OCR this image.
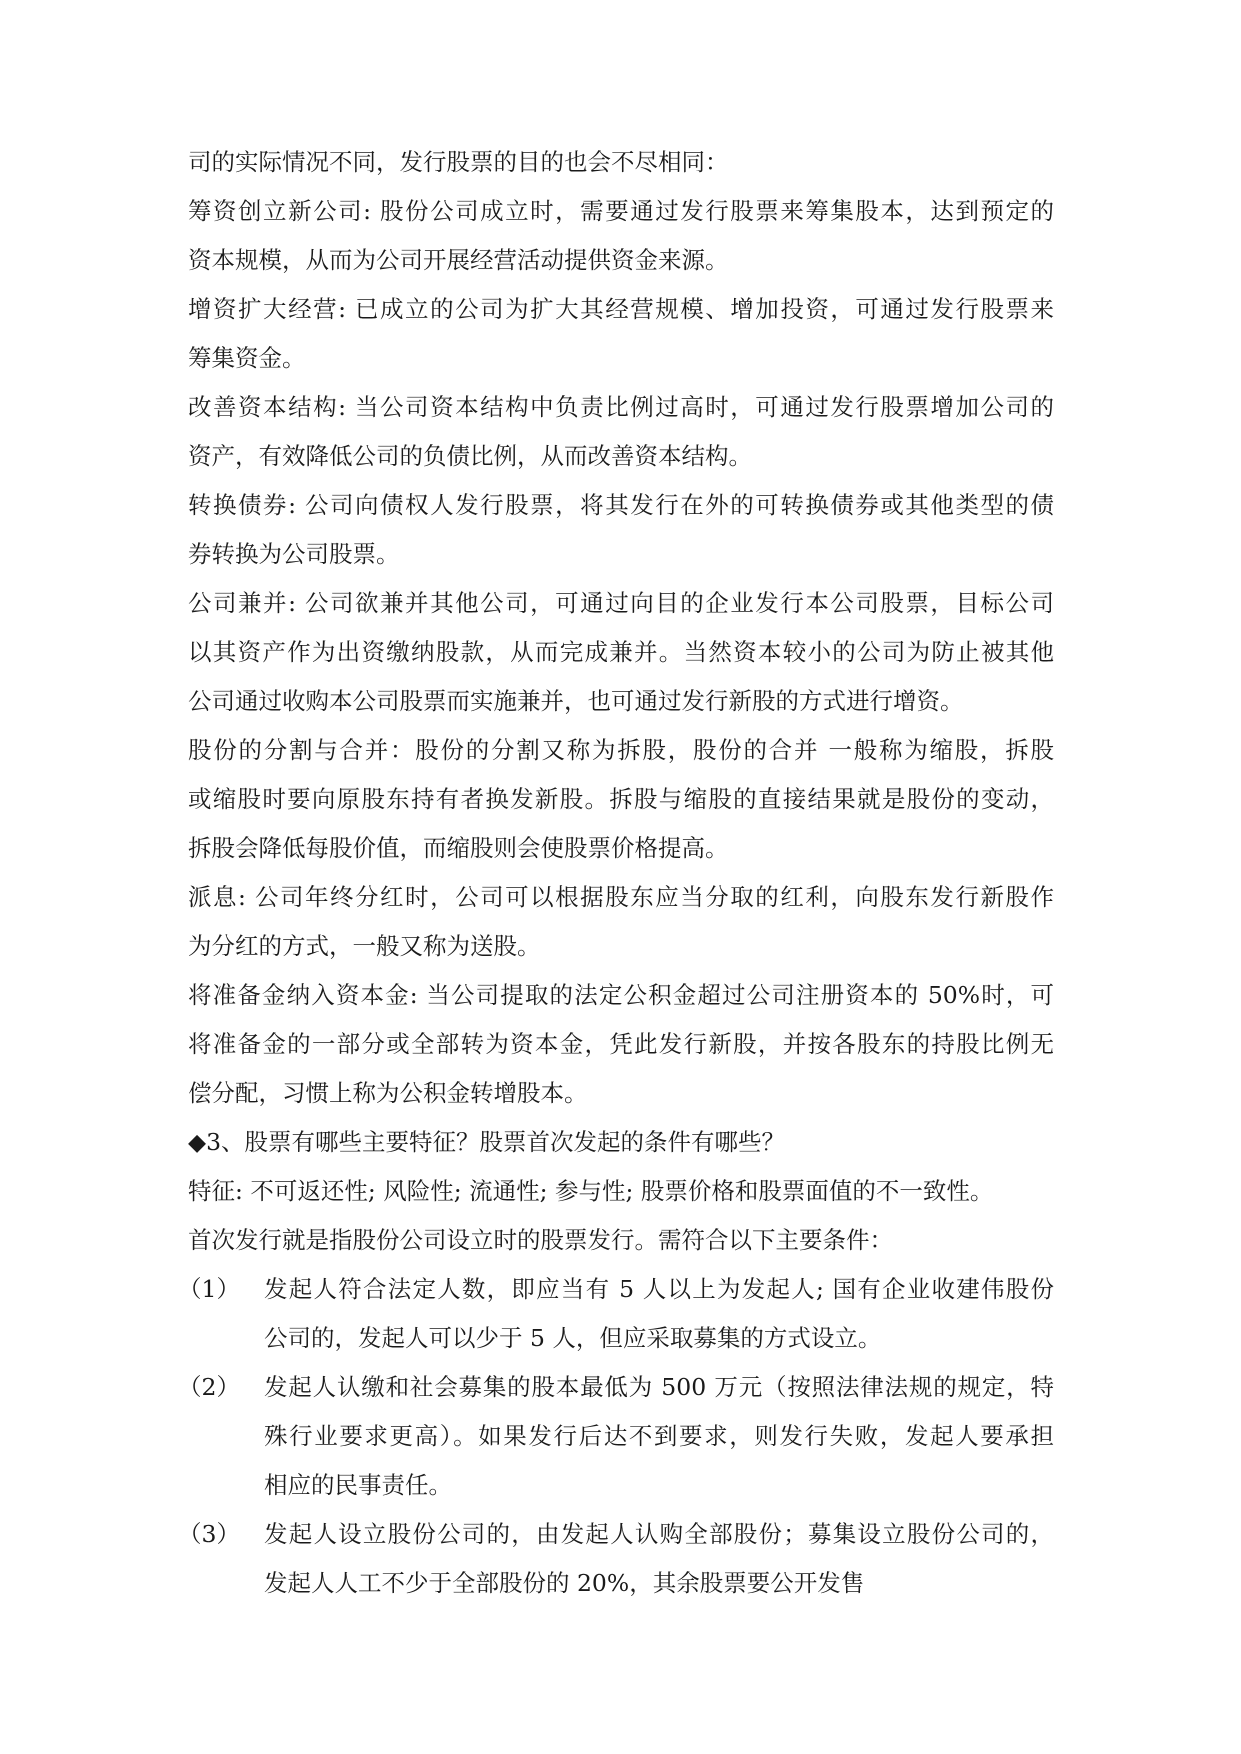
司的实际情况不同，发行股票的目的也会不尽相同：
筹资创立新公司: 股份公司成立时，需要通过发行股票来筹集股本，达到预定的
资本规模，从而为公司开展经营活动提供资金来源。
增资扩大经营: 已成立的公司为扩大其经营规模、增加投资，可通过发行股票来
筹集资金。
改善资本结构: 当公司资本结构中负责比例过高时，可通过发行股票增加公司的
资产，有效降低公司的负债比例，从而改善资本结构。
转换债券: 公司向债权人发行股票，将其发行在外的可转换债券或其他类型的债
券转换为公司股票。
公司兼并: 公司欲兼并其他公司，可通过向目的企业发行本公司股票，目标公司
以其资产作为出资缴纳股款，从而完成兼并。当然资本较小的公司为防止被其他
公司通过收购本公司股票而实施兼并，也可通过发行新股的方式进行增资。
股份的分割与合并：股份的分割又称为拆股，股份的合并 一般称为缩股，拆股
或缩股时要向原股东持有者换发新股。拆股与缩股的直接结果就是股份的变动，
拆股会降低每股价值，而缩股则会使股票价格提高。
派息: 公司年终分红时，公司可以根据股东应当分取的红利，向股东发行新股作
为分红的方式，一般又称为送股。
将准备金纳入资本金: 当公司提取的法定公积金超过公司注册资本的 50%时，可
将准备金的一部分或全部转为资本金，凭此发行新股，并按各股东的持股比例无
偿分配，习惯上称为公积金转增股本。
◆3、股票有哪些主要特征？股票首次发起的条件有哪些？
特征: 不可返还性; 风险性; 流通性; 参与性; 股票价格和股票面值的不一致性。
首次发行就是指股份公司设立时的股票发行。需符合以下主要条件：
（1）	发起人符合法定人数，即应当有 5 人以上为发起人; 国有企业收建伟股份
公司的，发起人可以少于 5 人，但应采取募集的方式设立。
（2）	发起人认缴和社会募集的股本最低为 500 万元（按照法律法规的规定，特
殊行业要求更高）。如果发行后达不到要求，则发行失败，发起人要承担
相应的民事责任。
（3）	发起人设立股份公司的，由发起人认购全部股份；募集设立股份公司的，
发起人人工不少于全部股份的 20%，其余股票要公开发售
